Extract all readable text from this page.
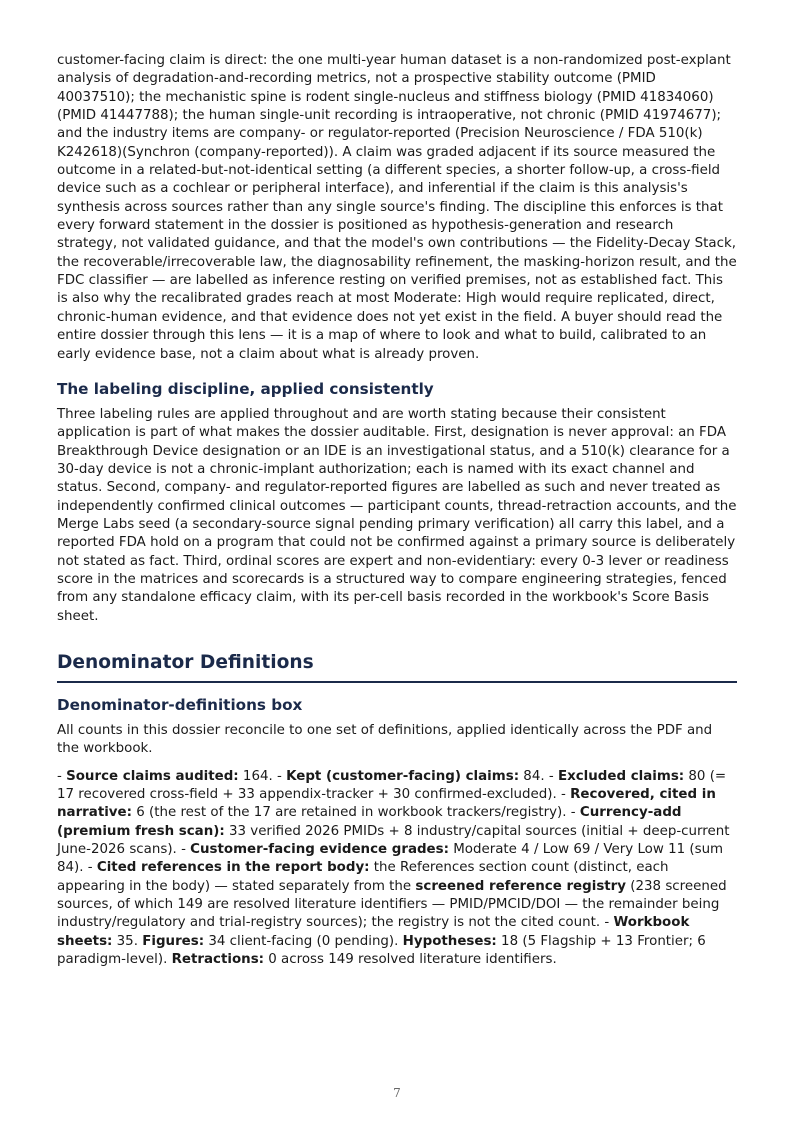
customer-facing claim is direct: the one multi-year human dataset is a non-randomized post-explant analysis of degradation-and-recording metrics, not a prospective stability outcome (PMID 40037510); the mechanistic spine is rodent single-nucleus and stiffness biology (PMID 41834060) (PMID 41447788); the human single-unit recording is intraoperative, not chronic (PMID 41974677); and the industry items are company- or regulator-reported (Precision Neuroscience / FDA 510(k) K242618)(Synchron (company-reported)). A claim was graded adjacent if its source measured the outcome in a related-but-not-identical setting (a different species, a shorter follow-up, a cross-field device such as a cochlear or peripheral interface), and inferential if the claim is this analysis's synthesis across sources rather than any single source's finding. The discipline this enforces is that every forward statement in the dossier is positioned as hypothesis-generation and research strategy, not validated guidance, and that the model's own contributions — the Fidelity-Decay Stack, the recoverable/irrecoverable law, the diagnosability refinement, the masking-horizon result, and the FDC classifier — are labelled as inference resting on verified premises, not as established fact. This is also why the recalibrated grades reach at most Moderate: High would require replicated, direct, chronic-human evidence, and that evidence does not yet exist in the field. A buyer should read the entire dossier through this lens — it is a map of where to look and what to build, calibrated to an early evidence base, not a claim about what is already proven.

The labeling discipline, applied consistently

Three labeling rules are applied throughout and are worth stating because their consistent application is part of what makes the dossier auditable. First, designation is never approval: an FDA Breakthrough Device designation or an IDE is an investigational status, and a 510(k) clearance for a 30-day device is not a chronic-implant authorization; each is named with its exact channel and status. Second, company- and regulator-reported figures are labelled as such and never treated as independently confirmed clinical outcomes — participant counts, thread-retraction accounts, and the Merge Labs seed (a secondary-source signal pending primary verification) all carry this label, and a reported FDA hold on a program that could not be confirmed against a primary source is deliberately not stated as fact. Third, ordinal scores are expert and non-evidentiary: every 0-3 lever or readiness score in the matrices and scorecards is a structured way to compare engineering strategies, fenced from any standalone efficacy claim, with its per-cell basis recorded in the workbook's Score Basis sheet.

Denominator Definitions
Denominator-definitions box

All counts in this dossier reconcile to one set of definitions, applied identically across the PDF and the workbook.

- Source claims audited: 164. - Kept (customer-facing) claims: 84. - Excluded claims: 80 (= 17 recovered cross-field + 33 appendix-tracker + 30 confirmed-excluded). - Recovered, cited in narrative: 6 (the rest of the 17 are retained in workbook trackers/registry). - Currency-add (premium fresh scan): 33 verified 2026 PMIDs + 8 industry/capital sources (initial + deep-current June-2026 scans). - Customer-facing evidence grades: Moderate 4 / Low 69 / Very Low 11 (sum 84). - Cited references in the report body: the References section count (distinct, each appearing in the body) — stated separately from the screened reference registry (238 screened sources, of which 149 are resolved literature identifiers — PMID/PMCID/DOI — the remainder being industry/regulatory and trial-registry sources); the registry is not the cited count. - Workbook sheets: 35. Figures: 34 client-facing (0 pending). Hypotheses: 18 (5 Flagship + 13 Frontier; 6 paradigm-level). Retractions: 0 across 149 resolved literature identifiers.

7
